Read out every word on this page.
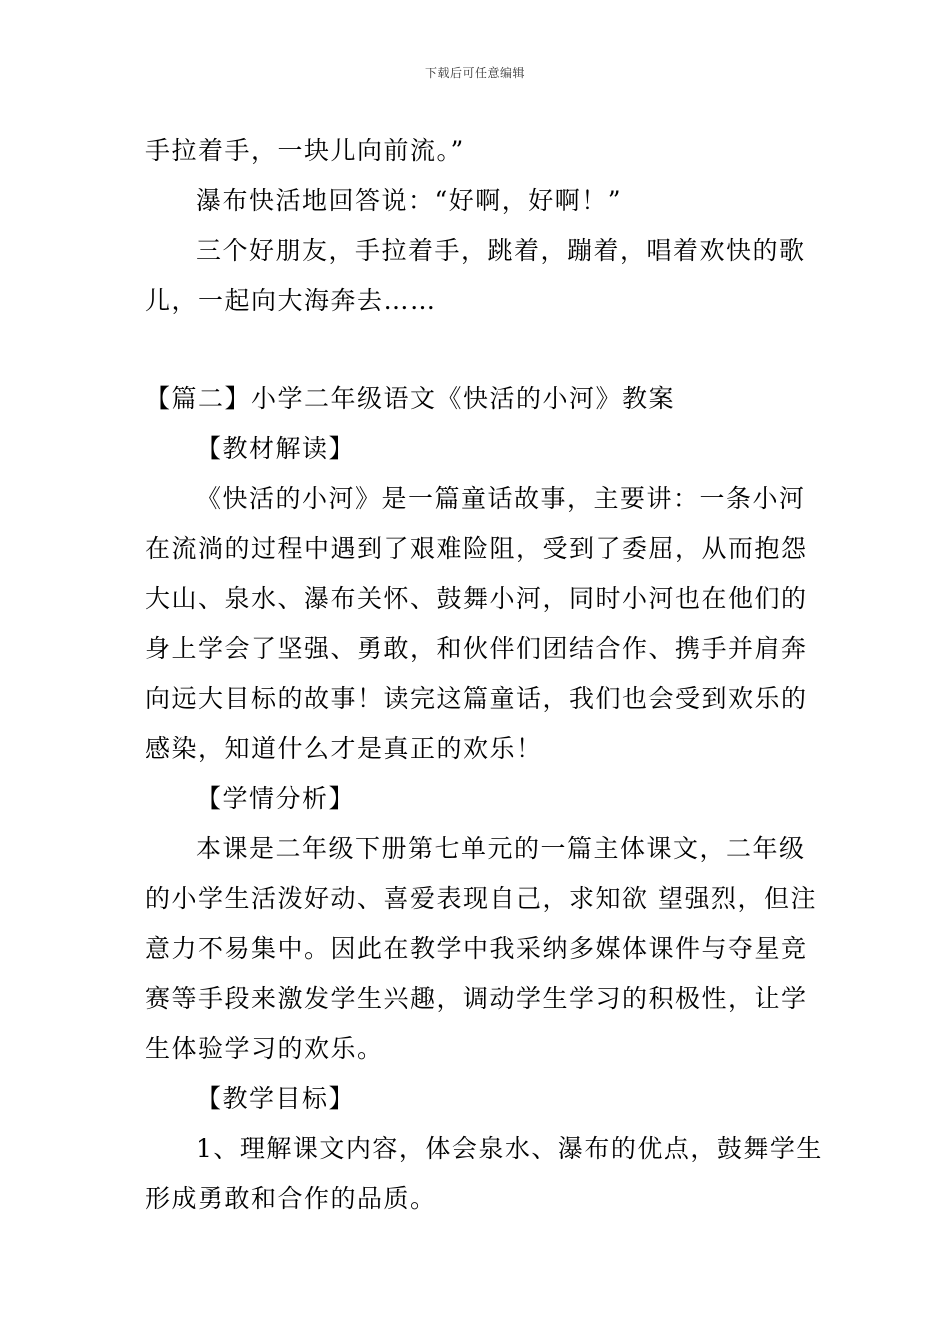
下载后可任意编辑
手拉着手，一块儿向前流。”
瀑布快活地回答说：“好啊，好啊！”
三个好朋友，手拉着手，跳着，蹦着，唱着欢快的歌
儿，一起向大海奔去……
【篇二】小学二年级语文《快活的小河》教案
【教材解读】
《快活的小河》是一篇童话故事，主要讲：一条小河
在流淌的过程中遇到了艰难险阻，受到了委屈，从而抱怨
大山、泉水、瀑布关怀、鼓舞小河，同时小河也在他们的
身上学会了坚强、勇敢，和伙伴们团结合作、携手并肩奔
向远大目标的故事！读完这篇童话，我们也会受到欢乐的
感染，知道什么才是真正的欢乐！
【学情分析】
本课是二年级下册第七单元的一篇主体课文，二年级
的小学生活泼好动、喜爱表现自己，求知欲 望强烈，但注
意力不易集中。因此在教学中我采纳多媒体课件与夺星竞
赛等手段来激发学生兴趣，调动学生学习的积极性，让学
生体验学习的欢乐。
【教学目标】
1、理解课文内容，体会泉水、瀑布的优点，鼓舞学生
形成勇敢和合作的品质。
